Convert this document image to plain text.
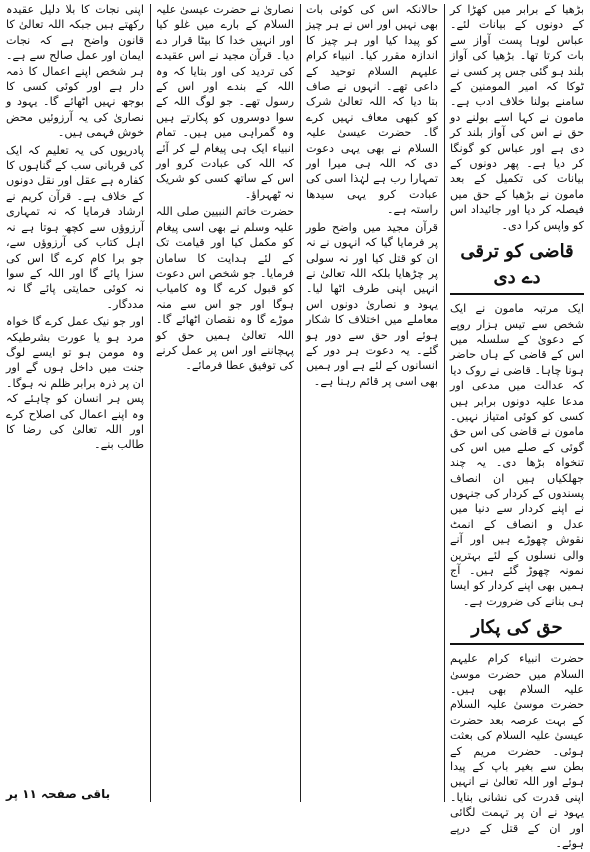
بڑھیا کے برابر میں کھڑا کر کے دونوں کے بیانات لئے۔ عباس لوہا پست آواز سے بات کرتا تھا۔ بڑھیا کی آواز بلند ہو گئی جس پر کسی نے ٹوکا کہ امیر المومنین کے سامنے بولنا خلاف ادب ہے۔ مامون نے کہا اسے بولنے دو حق نے اس کی آواز بلند کر دی ہے اور عباس کو گونگا کر دیا ہے۔ پھر دونوں کے بیانات کی تکمیل کے بعد مامون نے بڑھیا کے حق میں فیصلہ کر دیا اور جائیداد اس کو واپس کرا دی۔
قاضی کو ترقی دے دی
ایک مرتبہ مامون نے ایک شخص سے تیس ہزار روپے کے دعویٰ کے سلسلہ میں اس کے قاضی کے ہاں حاضر ہونا چاہا۔ قاضی نے روک دیا کہ عدالت میں مدعی اور مدعا علیہ دونوں برابر ہیں کسی کو کوئی امتیاز نہیں۔ مامون نے قاضی کی اس حق گوئی کے صلے میں اس کی تنخواہ بڑھا دی۔ یہ چند جھلکیاں ہیں ان انصاف پسندوں کے کردار کی جنہوں نے اپنے کردار سے دنیا میں عدل و انصاف کے انمٹ نقوش چھوڑے ہیں اور آنے والی نسلوں کے لئے بہترین نمونہ چھوڑ گئے ہیں۔ آج ہمیں بھی اپنے کردار کو ایسا ہی بنانے کی ضرورت ہے۔
حق کی پکار
حضرت انبیاء کرام علیہم السلام میں حضرت موسیٰ علیہ السلام بھی ہیں۔ حضرت موسیٰ علیہ السلام کے بہت عرصہ بعد حضرت عیسیٰ علیہ السلام کی بعثت ہوئی۔ حضرت مریم کے بطن سے بغیر باپ کے پیدا ہوئے اور اللہ تعالیٰ نے انہیں اپنی قدرت کی نشانی بنایا۔ یہود نے ان پر تہمت لگائی اور ان کے قتل کے درپے ہوئے۔
حالانکہ اس کی کوئی بات بھی نہیں اور اس نے ہر چیز کو پیدا کیا اور ہر چیز کا اندازہ مقرر کیا۔ انبیاء کرام علیہم السلام توحید کے داعی تھے۔ انہوں نے صاف بتا دیا کہ اللہ تعالیٰ شرک کو کبھی معاف نہیں کرے گا۔ حضرت عیسیٰ علیہ السلام نے بھی یہی دعوت دی کہ اللہ ہی میرا اور تمہارا رب ہے لہٰذا اسی کی عبادت کرو یہی سیدھا راستہ ہے۔
قرآن مجید میں واضح طور پر فرمایا گیا کہ انہوں نے نہ ان کو قتل کیا اور نہ سولی پر چڑھایا بلکہ اللہ تعالیٰ نے انہیں اپنی طرف اٹھا لیا۔ یہود و نصاریٰ دونوں اس معاملے میں اختلاف کا شکار ہوئے اور حق سے دور ہو گئے۔ یہ دعوت ہر دور کے انسانوں کے لئے ہے اور ہمیں بھی اسی پر قائم رہنا ہے۔
نصاریٰ نے حضرت عیسیٰ علیہ السلام کے بارے میں غلو کیا اور انہیں خدا کا بیٹا قرار دے دیا۔ قرآن مجید نے اس عقیدے کی تردید کی اور بتایا کہ وہ اللہ کے بندے اور اس کے رسول تھے۔ جو لوگ اللہ کے سوا دوسروں کو پکارتے ہیں وہ گمراہی میں ہیں۔ تمام انبیاء ایک ہی پیغام لے کر آئے کہ اللہ کی عبادت کرو اور اس کے ساتھ کسی کو شریک نہ ٹھہراؤ۔
حضرت خاتم النبیین صلی اللہ علیہ وسلم نے بھی اسی پیغام کو مکمل کیا اور قیامت تک کے لئے ہدایت کا سامان فرمایا۔ جو شخص اس دعوت کو قبول کرے گا وہ کامیاب ہوگا اور جو اس سے منہ موڑے گا وہ نقصان اٹھائے گا۔ اللہ تعالیٰ ہمیں حق کو پہچاننے اور اس پر عمل کرنے کی توفیق عطا فرمائے۔
اپنی نجات کا بلا دلیل عقیدہ رکھتے ہیں جبکہ اللہ تعالیٰ کا قانون واضح ہے کہ نجات ایمان اور عمل صالح سے ہے۔ ہر شخص اپنے اعمال کا ذمہ دار ہے اور کوئی کسی کا بوجھ نہیں اٹھائے گا۔ یہود و نصاریٰ کی یہ آرزوئیں محض خوش فہمی ہیں۔
پادریوں کی یہ تعلیم کہ ایک کی قربانی سب کے گناہوں کا کفارہ ہے عقل اور نقل دونوں کے خلاف ہے۔ قرآن کریم نے ارشاد فرمایا کہ نہ تمہاری آرزوؤں سے کچھ ہوتا ہے نہ اہل کتاب کی آرزوؤں سے، جو برا کام کرے گا اس کی سزا پائے گا اور اللہ کے سوا نہ کوئی حمایتی پائے گا نہ مددگار۔
اور جو نیک عمل کرے گا خواہ مرد ہو یا عورت بشرطیکہ وہ مومن ہو تو ایسے لوگ جنت میں داخل ہوں گے اور ان پر ذرہ برابر ظلم نہ ہوگا۔ پس ہر انسان کو چاہئے کہ وہ اپنے اعمال کی اصلاح کرے اور اللہ تعالیٰ کی رضا کا طالب بنے۔
باقی صفحہ ۱۱ پر
